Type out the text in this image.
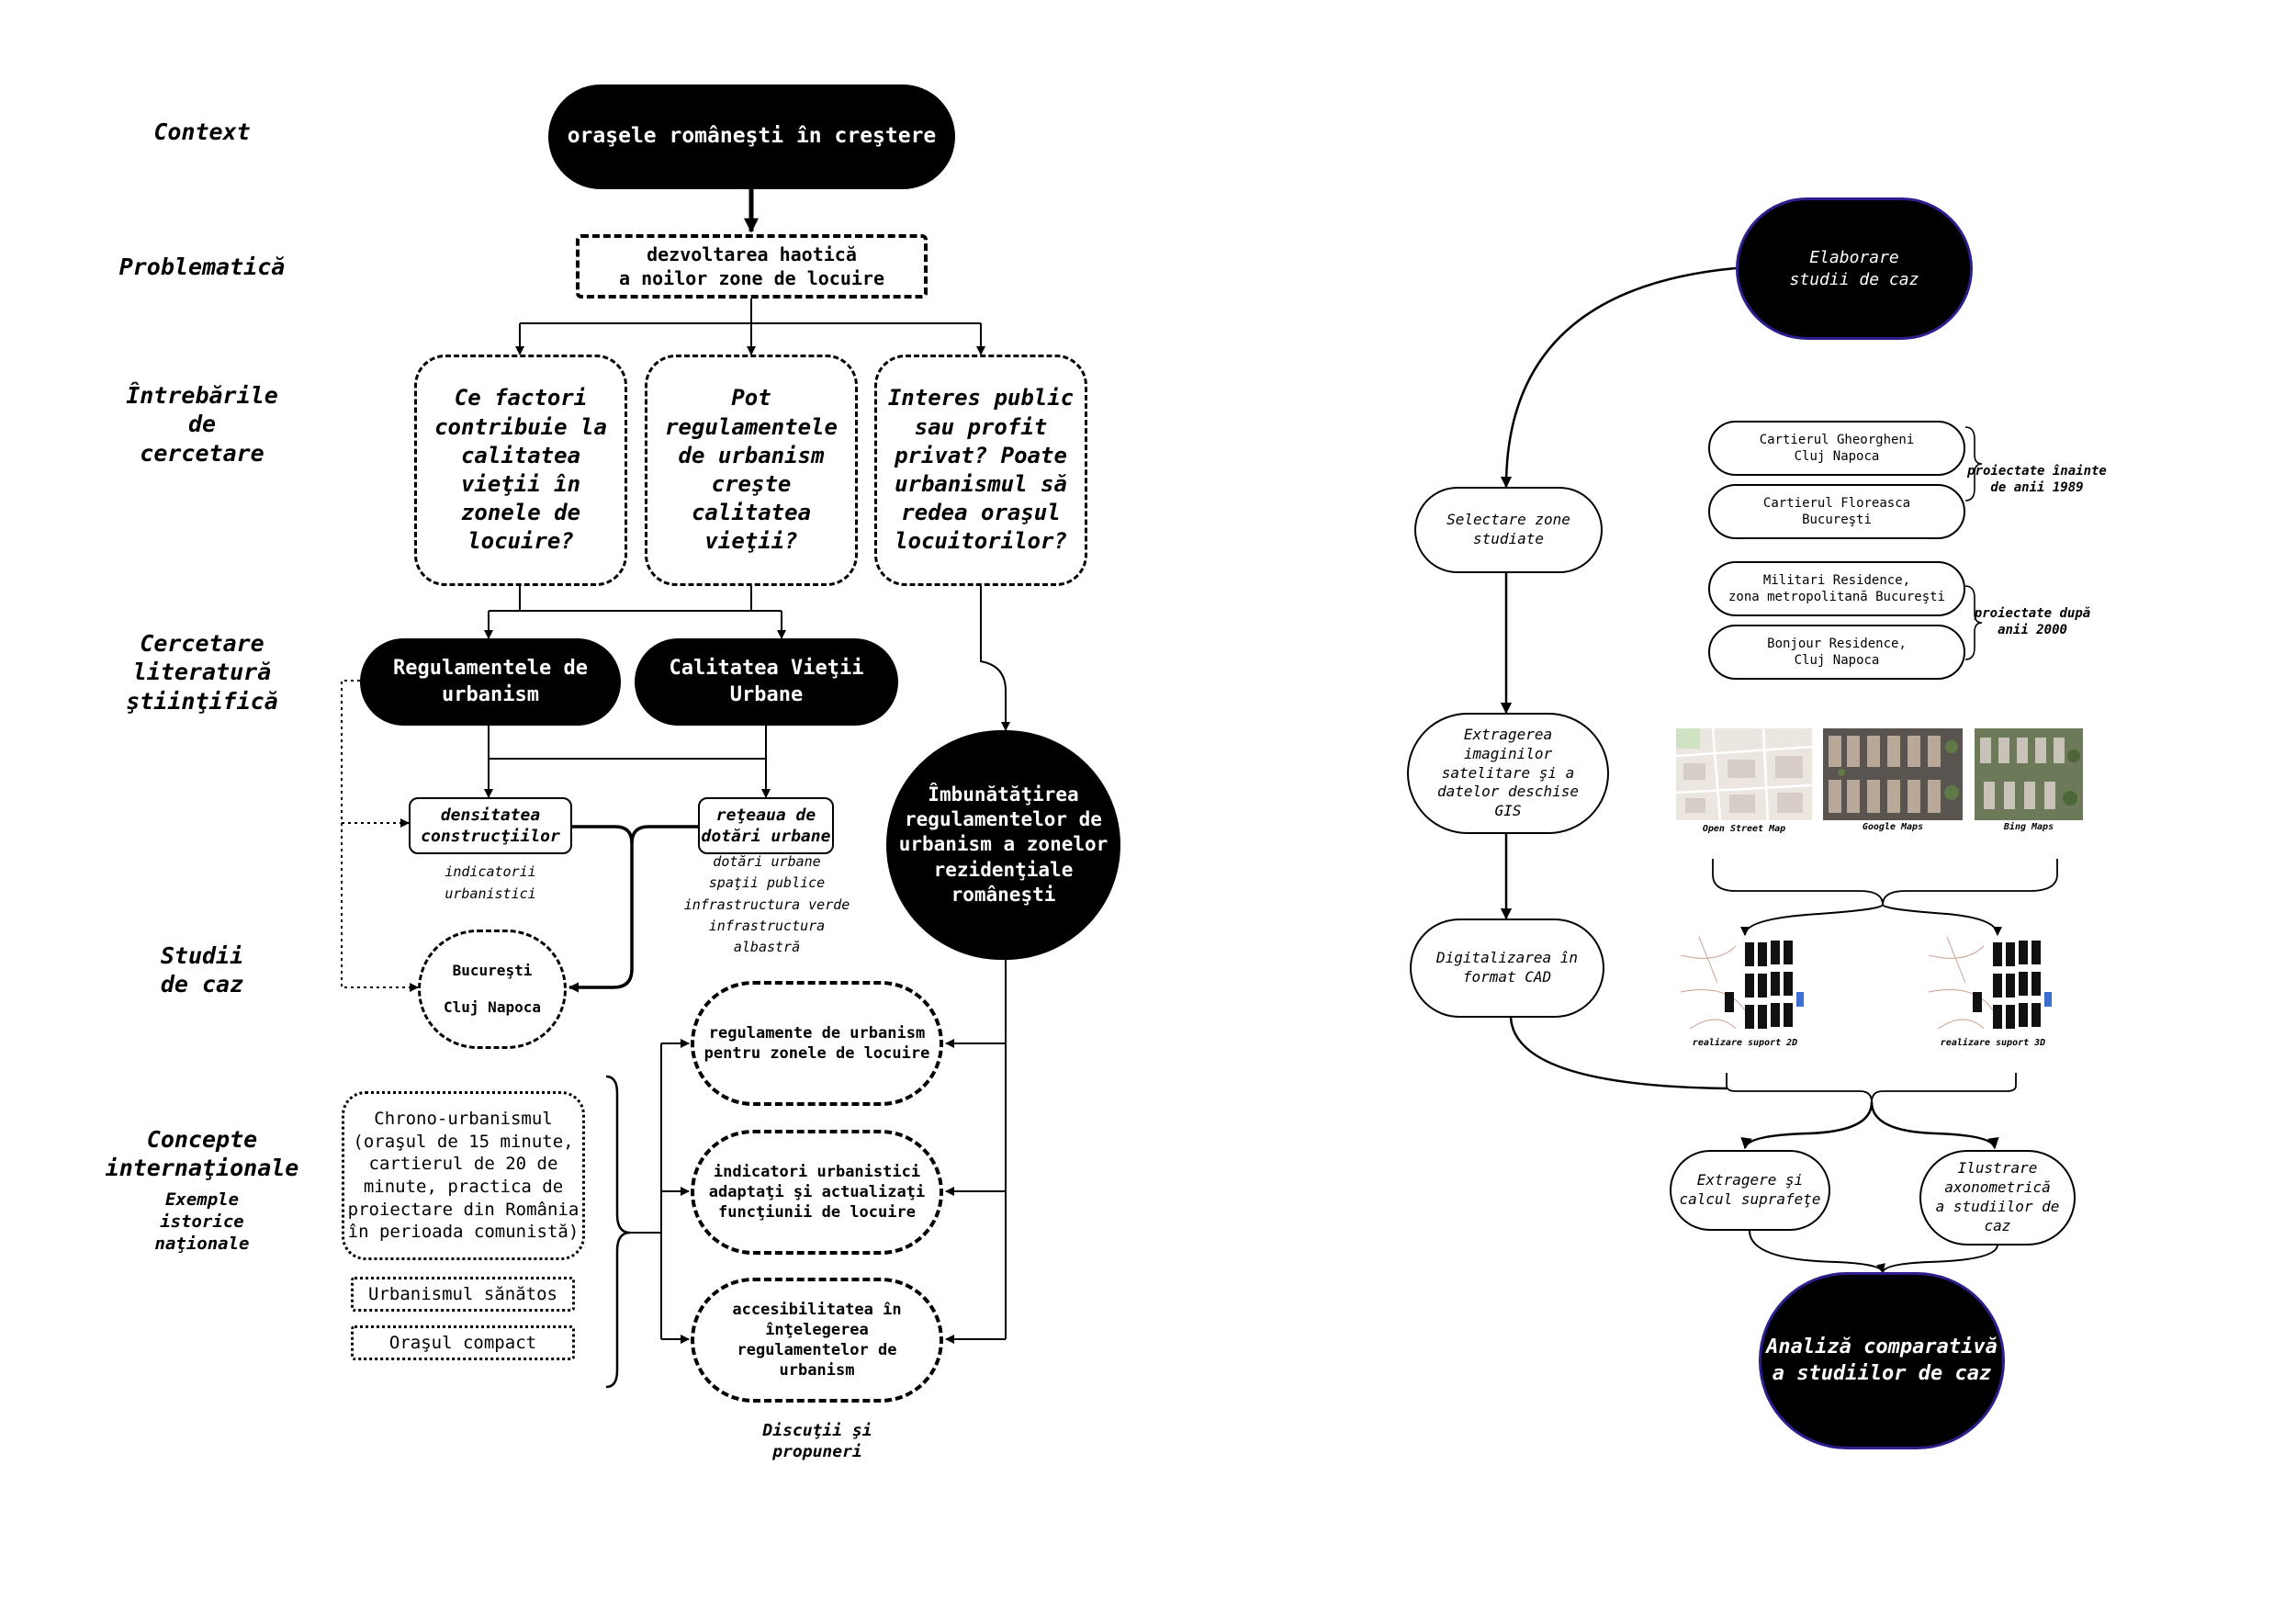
Context
Problematică
Întrebările
de
cercetare
Cercetare
literatură
ştiinţifică
Studii
de caz
Concepte
internaţionale
Exemple
istorice
naţionale
oraşele româneşti în creştere
dezvoltarea haotică
a noilor zone de locuire
Ce factori
contribuie la
calitatea
vieţii în
zonele de
locuire?
Pot
regulamentele
de urbanism
creşte
calitatea
vieţii?
Interes public
sau profit
privat? Poate
urbanismul să
redea oraşul
locuitorilor?
Regulamentele de
urbanism
Calitatea Vieţii
Urbane
densitatea
construcţiilor
indicatorii
urbanistici
reţeaua de
dotări urbane
dotări urbane
spaţii publice
infrastructura verde
infrastructura
albastră
Bucureşti

Cluj Napoca
Îmbunătăţirea
regulamentelor de
urbanism a zonelor
rezidenţiale
româneşti
Chrono-urbanismul
(oraşul de 15 minute,
cartierul de 20 de
minute, practica de
proiectare din România
în perioada comunistă)
Urbanismul sănătos
Oraşul compact
regulamente de urbanism
pentru zonele de locuire
indicatori urbanistici
adaptaţi şi actualizaţi
funcţiunii de locuire
accesibilitatea în
înţelegerea
regulamentelor de
urbanism
Discuţii şi
propuneri
Elaborare
studii de caz
Selectare zone
studiate
Extragerea
imaginilor
satelitare şi a
datelor deschise
GIS
Digitalizarea în
format CAD
Cartierul Gheorgheni
Cluj Napoca
Cartierul Floreasca
Bucureşti
Militari Residence,
zona metropolitană Bucureşti
Bonjour Residence,
Cluj Napoca
proiectate înainte
de anii 1989
proiectate după
anii 2000
Open Street Map	Google Maps	Bing Maps
realizare suport 2D	realizare suport 3D
Extragere şi
calcul suprafeţe
Ilustrare
axonometrică
a studiilor de
caz
Analiză comparativă
a studiilor de caz
